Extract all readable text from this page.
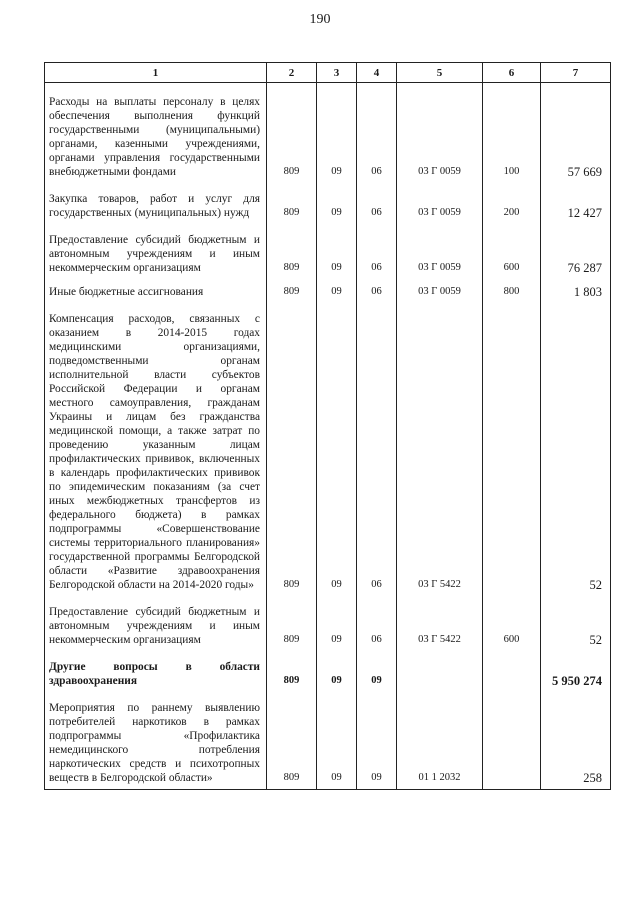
190
1	2	3	4	5	6	7
Расходы на выплаты персоналу в целях обеспечения выполнения функций государственными (муниципальными) органами, казенными учреждениями, органами управления государственными внебюджетными фондами	809	09	06	03 Г 0059	100	57 669
Закупка товаров, работ и услуг для государственных (муниципальных) нужд	809	09	06	03 Г 0059	200	12 427
Предоставление субсидий бюджетным и автономным учреждениям и иным некоммерческим организациям	809	09	06	03 Г 0059	600	76 287
Иные бюджетные ассигнования	809	09	06	03 Г 0059	800	1 803
Компенсация расходов, связанных с оказанием в 2014-2015 годах медицинскими организациями, подведомственными органам исполнительной власти субъектов Российской Федерации и органам местного самоуправления, гражданам Украины и лицам без гражданства медицинской помощи, а также затрат по проведению указанным лицам профилактических прививок, включенных в календарь профилактических прививок по эпидемическим показаниям (за счет иных межбюджетных трансфертов из федерального бюджета) в рамках подпрограммы «Совершенствование системы территориального планирования» государственной программы Белгородской области «Развитие здравоохранения Белгородской области на 2014-2020 годы»	809	09	06	03 Г 5422		52
Предоставление субсидий бюджетным и автономным учреждениям и иным некоммерческим организациям	809	09	06	03 Г 5422	600	52
Другие вопросы в области здравоохранения	809	09	09			5 950 274
Мероприятия по раннему выявлению потребителей наркотиков в рамках подпрограммы «Профилактика немедицинского потребления наркотических средств и психотропных веществ в Белгородской области»	809	09	09	01 1 2032		258
